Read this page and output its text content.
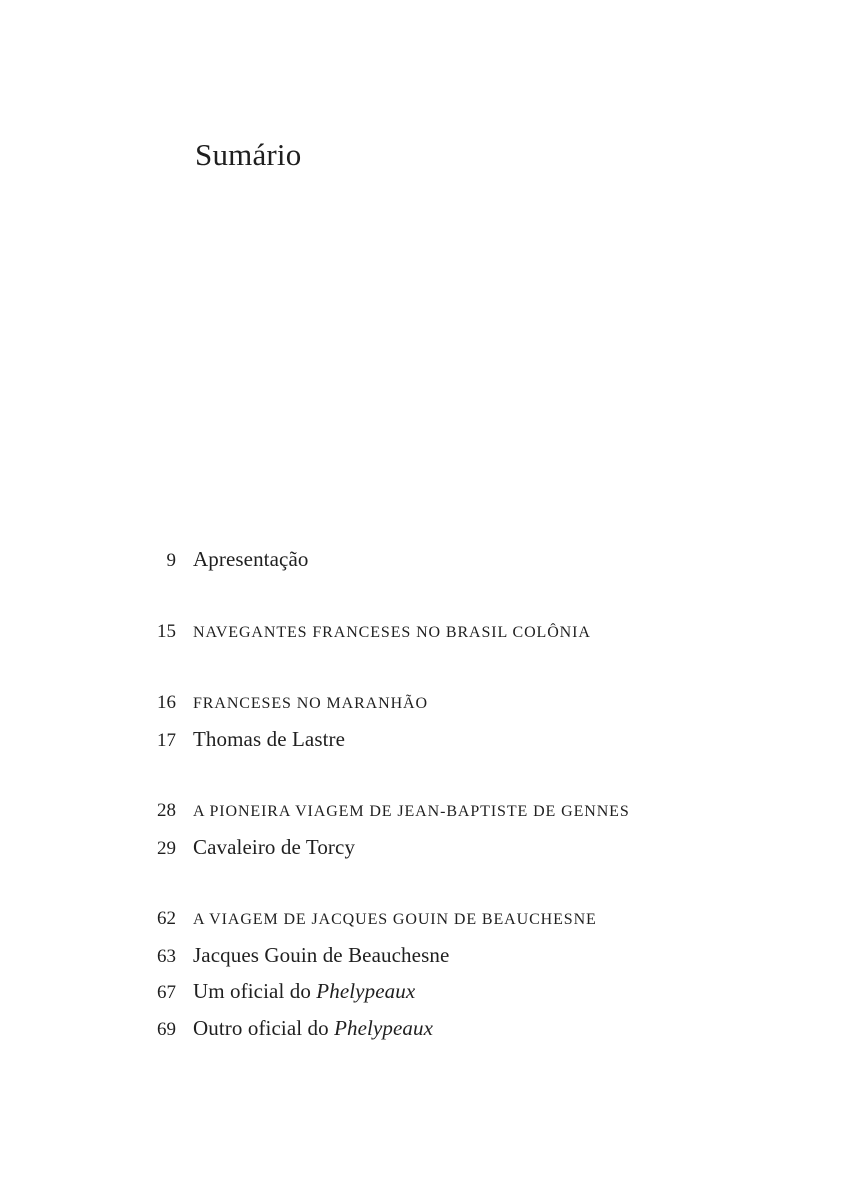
Sumário
9 Apresentação
15 NAVEGANTES FRANCESES NO BRASIL COLÔNIA
16 FRANCESES NO MARANHÃO
17 Thomas de Lastre
28 A PIONEIRA VIAGEM DE JEAN-BAPTISTE DE GENNES
29 Cavaleiro de Torcy
62 A VIAGEM DE JACQUES GOUIN DE BEAUCHESNE
63 Jacques Gouin de Beauchesne
67 Um oficial do Phelypeaux
69 Outro oficial do Phelypeaux
